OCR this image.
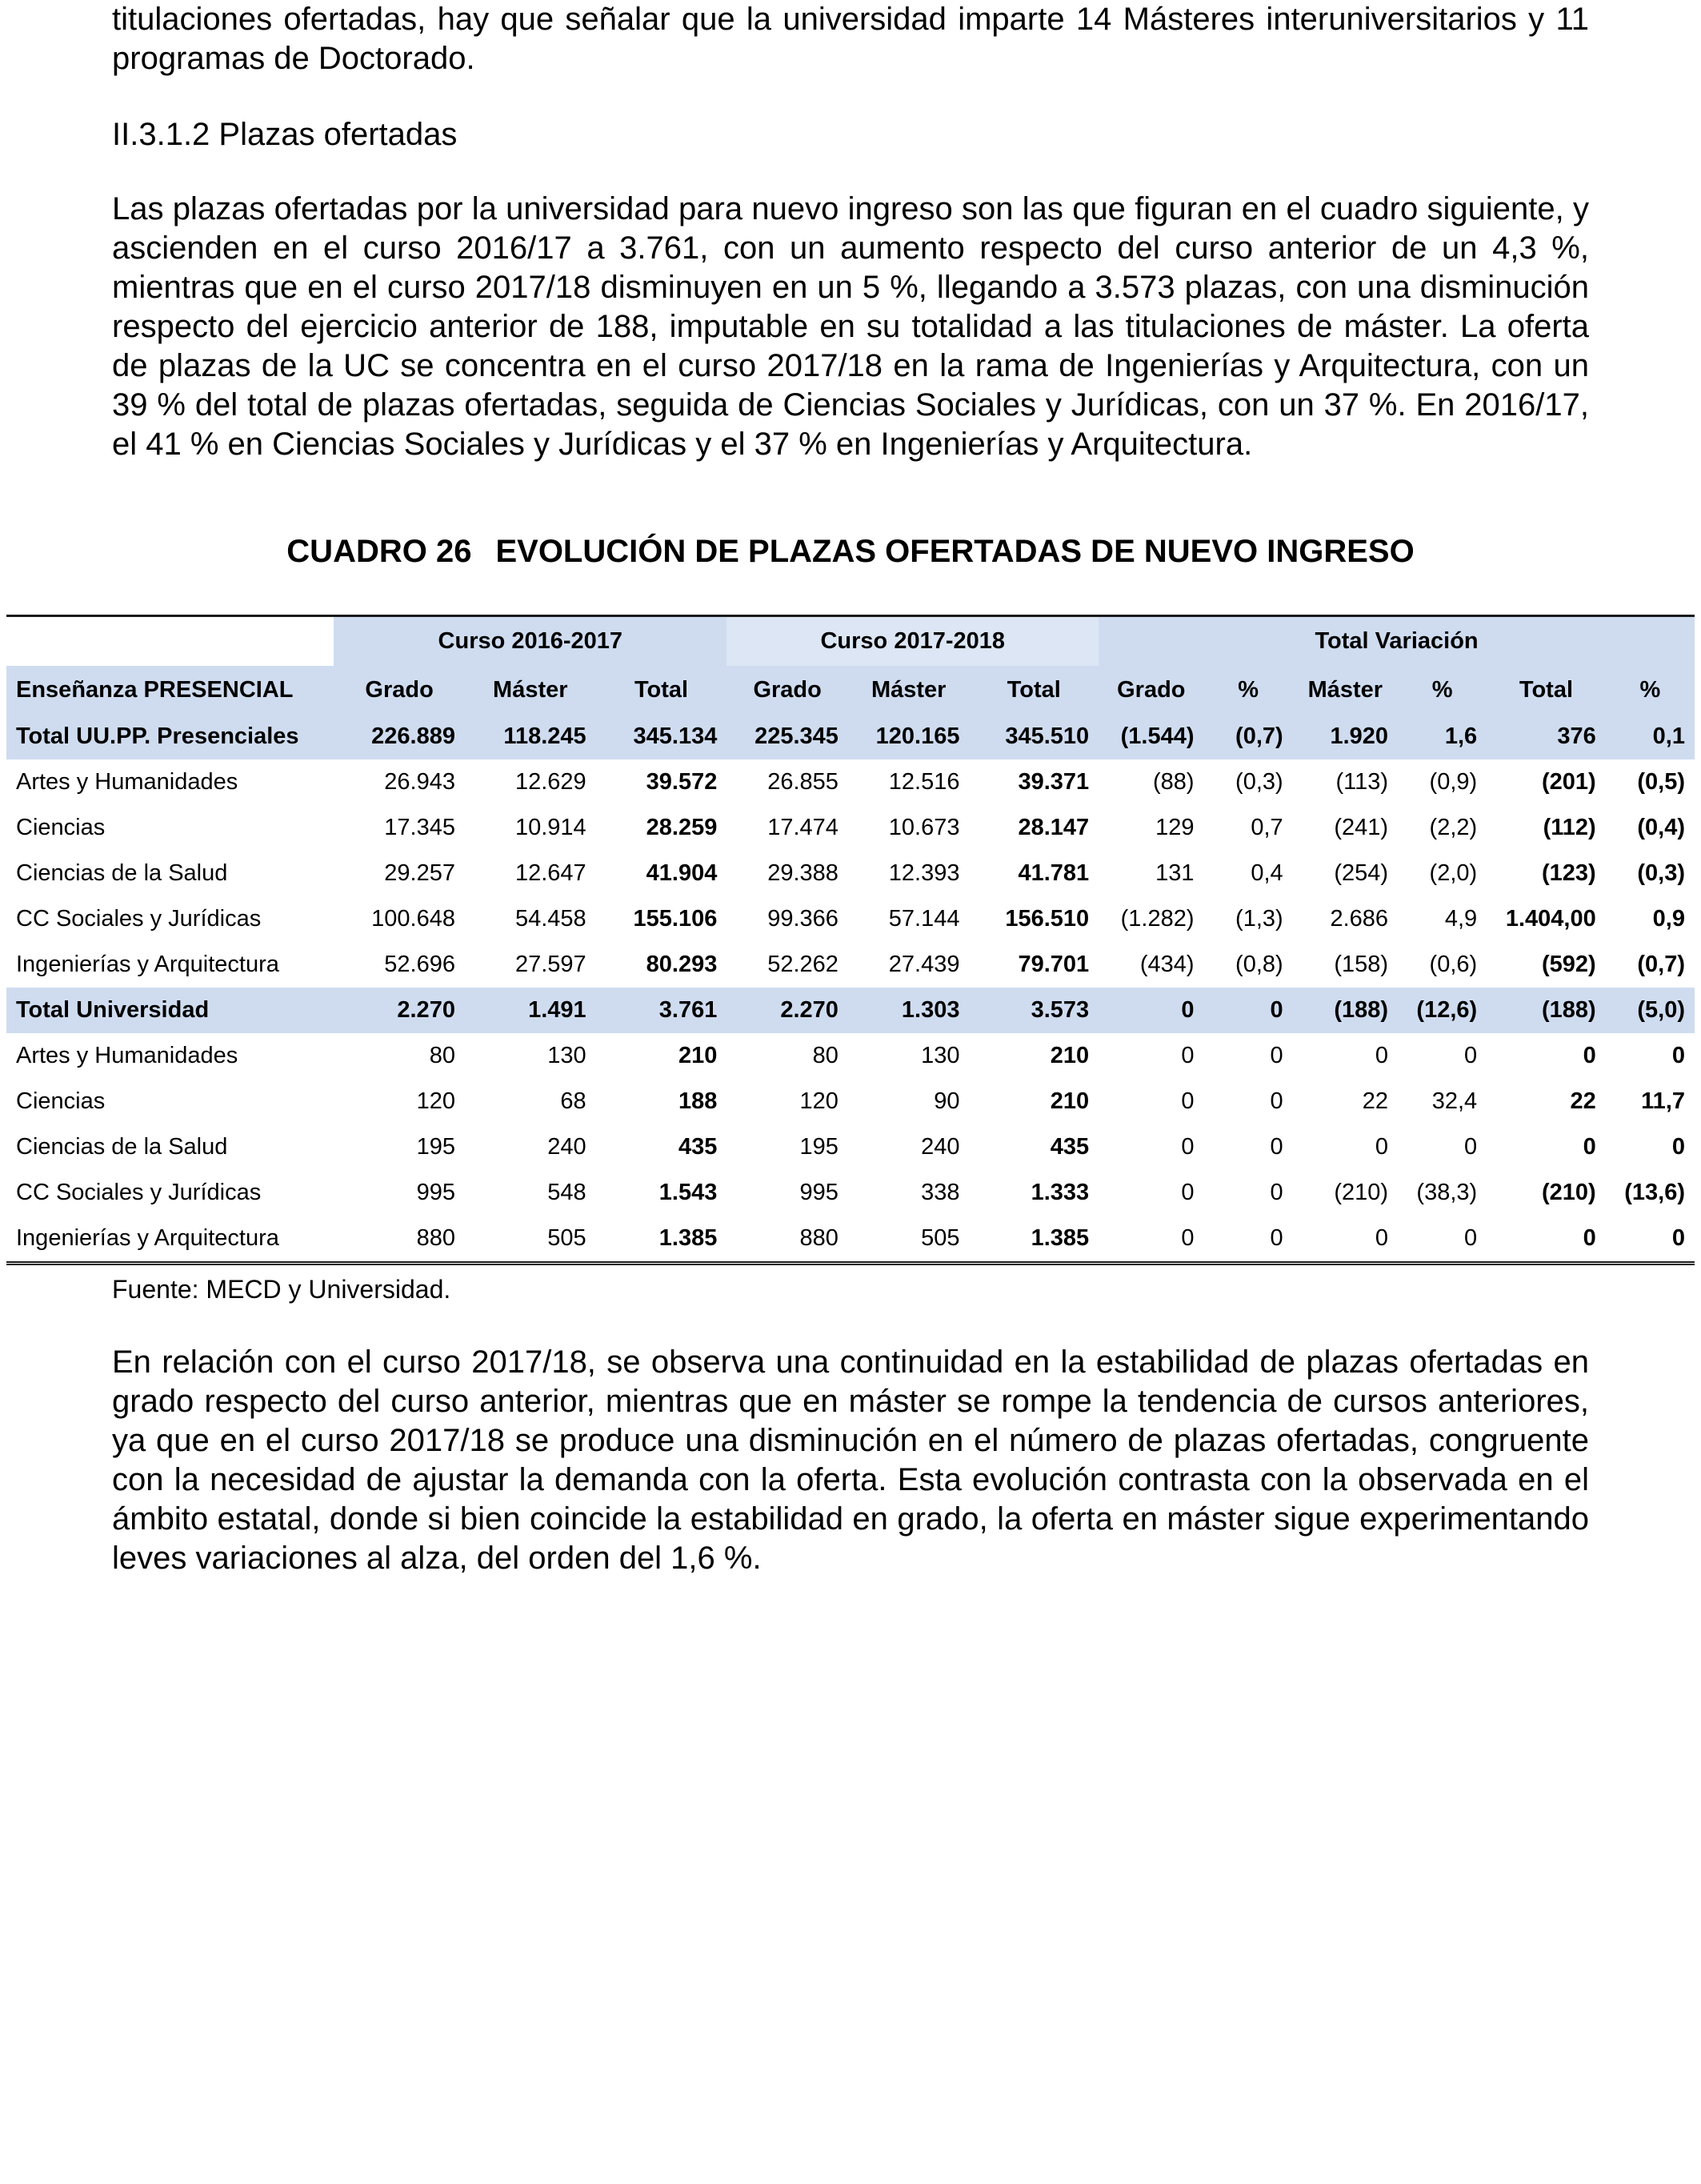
titulaciones ofertadas, hay que señalar que la universidad imparte 14 Másteres interuniversitarios y 11 programas de Doctorado.

II.3.1.2 Plazas ofertadas

Las plazas ofertadas por la universidad para nuevo ingreso son las que figuran en el cuadro siguiente, y ascienden en el curso 2016/17 a 3.761, con un aumento respecto del curso anterior de un 4,3 %, mientras que en el curso 2017/18 disminuyen en un 5 %, llegando a 3.573 plazas, con una disminución respecto del ejercicio anterior de 188, imputable en su totalidad a las titulaciones de máster. La oferta de plazas de la UC se concentra en el curso 2017/18 en la rama de Ingenierías y Arquitectura, con un 39 % del total de plazas ofertadas, seguida de Ciencias Sociales y Jurídicas, con un 37 %. En 2016/17, el 41 % en Ciencias Sociales y Jurídicas y el 37 % en Ingenierías y Arquitectura.

CUADRO 26 EVOLUCIÓN DE PLAZAS OFERTADAS DE NUEVO INGRESO
	Curso 2016-2017			Curso 2017-2018			Total Variación					
Enseñanza PRESENCIAL	Grado	Máster	Total	Grado	Máster	Total	Grado	%	Máster	%	Total	%
Total UU.PP. Presenciales	226.889	118.245	345.134	225.345	120.165	345.510	(1.544)	(0,7)	1.920	1,6	376	0,1
Artes y Humanidades	26.943	12.629	39.572	26.855	12.516	39.371	(88)	(0,3)	(113)	(0,9)	(201)	(0,5)
Ciencias	17.345	10.914	28.259	17.474	10.673	28.147	129	0,7	(241)	(2,2)	(112)	(0,4)
Ciencias de la Salud	29.257	12.647	41.904	29.388	12.393	41.781	131	0,4	(254)	(2,0)	(123)	(0,3)
CC Sociales y Jurídicas	100.648	54.458	155.106	99.366	57.144	156.510	(1.282)	(1,3)	2.686	4,9	1.404,00	0,9
Ingenierías y Arquitectura	52.696	27.597	80.293	52.262	27.439	79.701	(434)	(0,8)	(158)	(0,6)	(592)	(0,7)
Total Universidad	2.270	1.491	3.761	2.270	1.303	3.573	0	0	(188)	(12,6)	(188)	(5,0)
Artes y Humanidades	80	130	210	80	130	210	0	0	0	0	0	0
Ciencias	120	68	188	120	90	210	0	0	22	32,4	22	11,7
Ciencias de la Salud	195	240	435	195	240	435	0	0	0	0	0	0
CC Sociales y Jurídicas	995	548	1.543	995	338	1.333	0	0	(210)	(38,3)	(210)	(13,6)
Ingenierías y Arquitectura	880	505	1.385	880	505	1.385	0	0	0	0	0	0
Fuente: MECD y Universidad.

En relación con el curso 2017/18, se observa una continuidad en la estabilidad de plazas ofertadas en grado respecto del curso anterior, mientras que en máster se rompe la tendencia de cursos anteriores, ya que en el curso 2017/18 se produce una disminución en el número de plazas ofertadas, congruente con la necesidad de ajustar la demanda con la oferta. Esta evolución contrasta con la observada en el ámbito estatal, donde si bien coincide la estabilidad en grado, la oferta en máster sigue experimentando leves variaciones al alza, del orden del 1,6 %.
